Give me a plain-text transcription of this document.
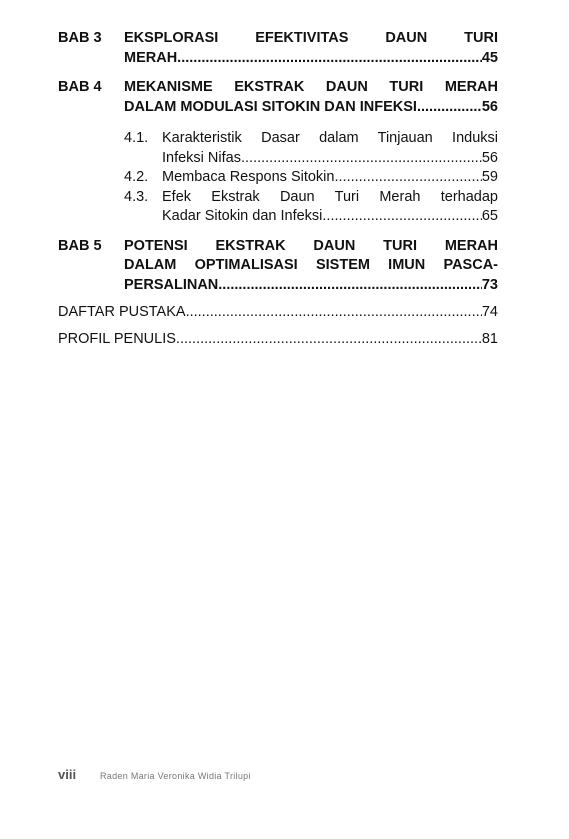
BAB 3 EKSPLORASI EFEKTIVITAS DAUN TURI
MERAH .....	45
BAB 4 MEKANISME EKSTRAK DAUN TURI MERAH
DALAM MODULASI SITOKIN DAN INFEKSI .....	56
4.1. Karakteristik Dasar dalam Tinjauan Induksi
Infeksi Nifas .....	56
4.2. Membaca Respons Sitokin .....	59
4.3. Efek Ekstrak Daun Turi Merah terhadap
Kadar Sitokin dan Infeksi .....	65
BAB 5 POTENSI EKSTRAK DAUN TURI MERAH
DALAM OPTIMALISASI SISTEM IMUN PASCA-
PERSALINAN .....	73
DAFTAR PUSTAKA .....	74
PROFIL PENULIS .....	81
viii	Raden Maria Veronika Widia Trilupi
